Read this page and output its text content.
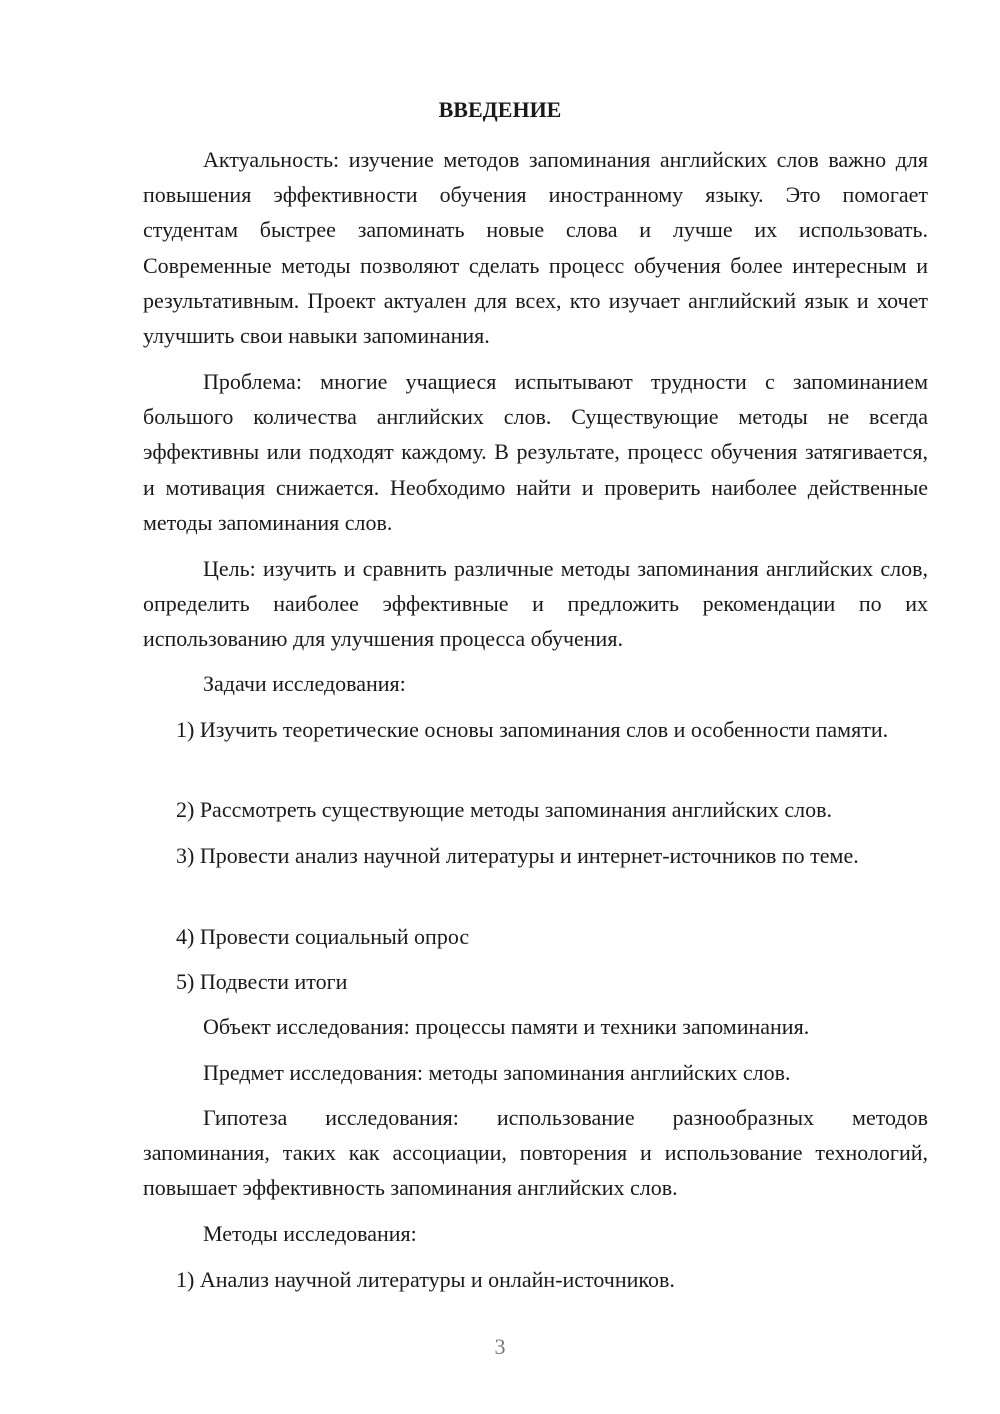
ВВЕДЕНИЕ

Актуальность: изучение методов запоминания английских слов важно для повышения эффективности обучения иностранному языку. Это помогает студентам быстрее запоминать новые слова и лучше их использовать. Современные методы позволяют сделать процесс обучения более интересным и результативным. Проект актуален для всех, кто изучает английский язык и хочет улучшить свои навыки запоминания.

Проблема: многие учащиеся испытывают трудности с запоминанием большого количества английских слов. Существующие методы не всегда эффективны или подходят каждому. В результате, процесс обучения затягивается, и мотивация снижается. Необходимо найти и проверить наиболее действенные методы запоминания слов.

Цель: изучить и сравнить различные методы запоминания английских слов, определить наиболее эффективные и предложить рекомендации по их использованию для улучшения процесса обучения.

Задачи исследования:

1) Изучить теоретические основы запоминания слов и особенности памяти.

2) Рассмотреть существующие методы запоминания английских слов.

3) Провести анализ научной литературы и интернет-источников по теме.

4) Провести социальный опрос

5) Подвести итоги

Объект исследования: процессы памяти и техники запоминания.

Предмет исследования: методы запоминания английских слов.

Гипотеза исследования: использование разнообразных методов запоминания, таких как ассоциации, повторения и использование технологий, повышает эффективность запоминания английских слов.

Методы исследования:

1) Анализ научной литературы и онлайн-источников.

3
